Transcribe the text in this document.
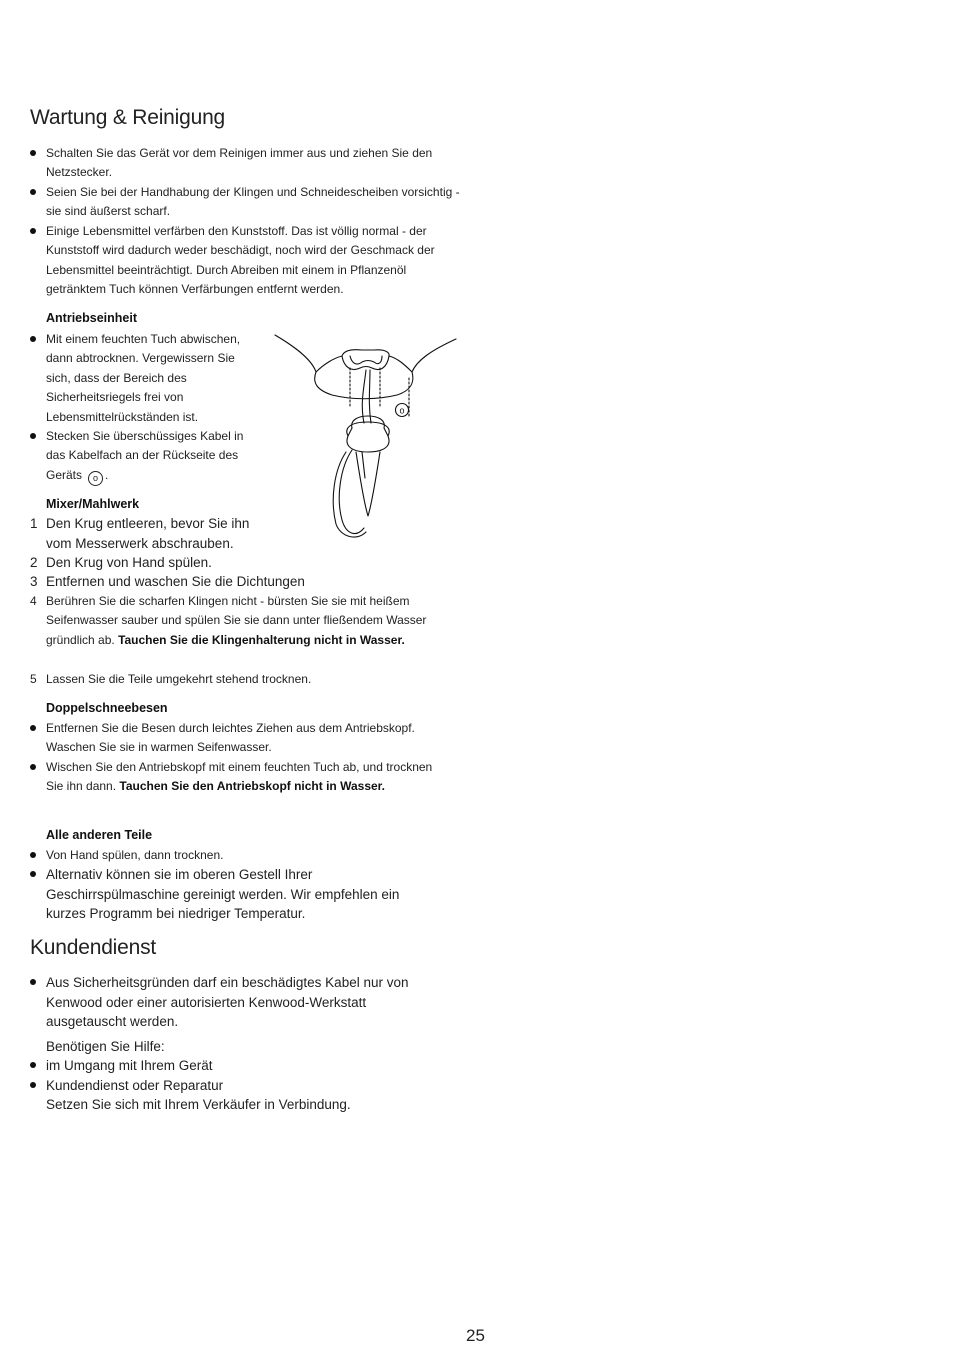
Wartung & Reinigung
Schalten Sie das Gerät vor dem Reinigen immer aus und ziehen Sie den Netzstecker.
Seien Sie bei der Handhabung der Klingen und Schneidescheiben vorsichtig - sie sind äußerst scharf.
Einige Lebensmittel verfärben den Kunststoff. Das ist völlig normal - der Kunststoff wird dadurch weder beschädigt, noch wird der Geschmack der Lebensmittel beeinträchtigt. Durch Abreiben mit einem in Pflanzenöl getränktem Tuch können Verfärbungen entfernt werden.
Antriebseinheit
Mit einem feuchten Tuch abwischen, dann abtrocknen. Vergewissern Sie sich, dass der Bereich des Sicherheitsriegels frei von Lebensmittelrückständen ist.
Stecken Sie überschüssiges Kabel in das Kabelfach an der Rückseite des Geräts o .
o
Mixer/Mahlwerk
1 Den Krug entleeren, bevor Sie ihn vom Messerwerk abschrauben.
2 Den Krug von Hand spülen.
3 Entfernen und waschen Sie die Dichtungen
4 Berühren Sie die scharfen Klingen nicht - bürsten Sie sie mit heißem Seifenwasser sauber und spülen Sie sie dann unter fließendem Wasser gründlich ab. Tauchen Sie die Klingenhalterung nicht in Wasser.
5 Lassen Sie die Teile umgekehrt stehend trocknen.
Doppelschneebesen
Entfernen Sie die Besen durch leichtes Ziehen aus dem Antriebskopf. Waschen Sie sie in warmen Seifenwasser.
Wischen Sie den Antriebskopf mit einem feuchten Tuch ab, und trocknen Sie ihn dann. Tauchen Sie den Antriebskopf nicht in Wasser.
Alle anderen Teile
Von Hand spülen, dann trocknen.
Alternativ können sie im oberen Gestell Ihrer Geschirrspülmaschine gereinigt werden. Wir empfehlen ein kurzes Programm bei niedriger Temperatur.
Kundendienst
Aus Sicherheitsgründen darf ein beschädigtes Kabel nur von Kenwood oder einer autorisierten Kenwood-Werkstatt ausgetauscht werden.
Benötigen Sie Hilfe:
im Umgang mit Ihrem Gerät
Kundendienst oder Reparatur
Setzen Sie sich mit Ihrem Verkäufer in Verbindung.
25
